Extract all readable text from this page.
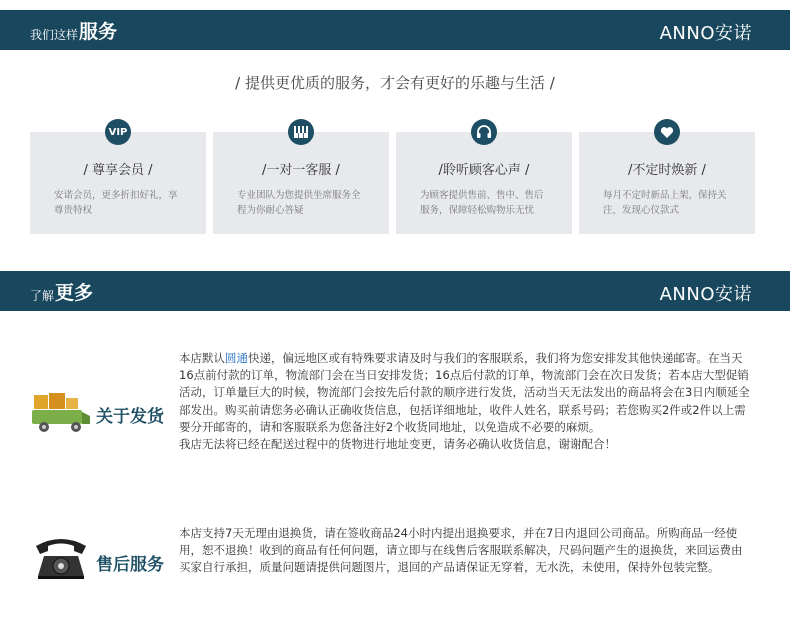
我们这样 服务	ANNO安诺
/ 提供更优质的服务，才会有更好的乐趣与生活 /
VIP
/ 尊享会员 /
安诺会员，更多折扣好礼，享尊贵特权
/一对一客服 /
专业团队为您提供坐席服务全程为你耐心答疑
/聆听顾客心声 /
为顾客提供售前、售中、售后服务，保障轻松购物乐无忧
/不定时焕新 /
每月不定时新品上架，保持关注，发现心仪款式
了解 更多	ANNO安诺
关于发货

本店默认圆通快递，偏远地区或有特殊要求请及时与我们的客服联系，我们将为您安排发其他快递邮寄。在当天16点前付款的订单，物流部门会在当日安排发货；16点后付款的订单，物流部门会在次日发货；若本店大型促销活动，订单量巨大的时候，物流部门会按先后付款的顺序进行发货，活动当天无法发出的商品将会在3日内顺延全部发出。购买前请您务必确认正确收货信息，包括详细地址，收件人姓名，联系号码；若您购买2件或2件以上需要分开邮寄的，请和客服联系为您备注好2个收货同地址，以免造成不必要的麻烦。

我店无法将已经在配送过程中的货物进行地址变更，请务必确认收货信息，谢谢配合！

售后服务
本店支持7天无理由退换货，请在签收商品24小时内提出退换要求，并在7日内退回公司商品。所购商品一经使用，恕不退换！收到的商品有任何问题，请立即与在线售后客服联系解决，尺码问题产生的退换货，来回运费由买家自行承担，质量问题请提供问题图片，退回的产品请保证无穿着，无水洗，未使用，保持外包装完整。
